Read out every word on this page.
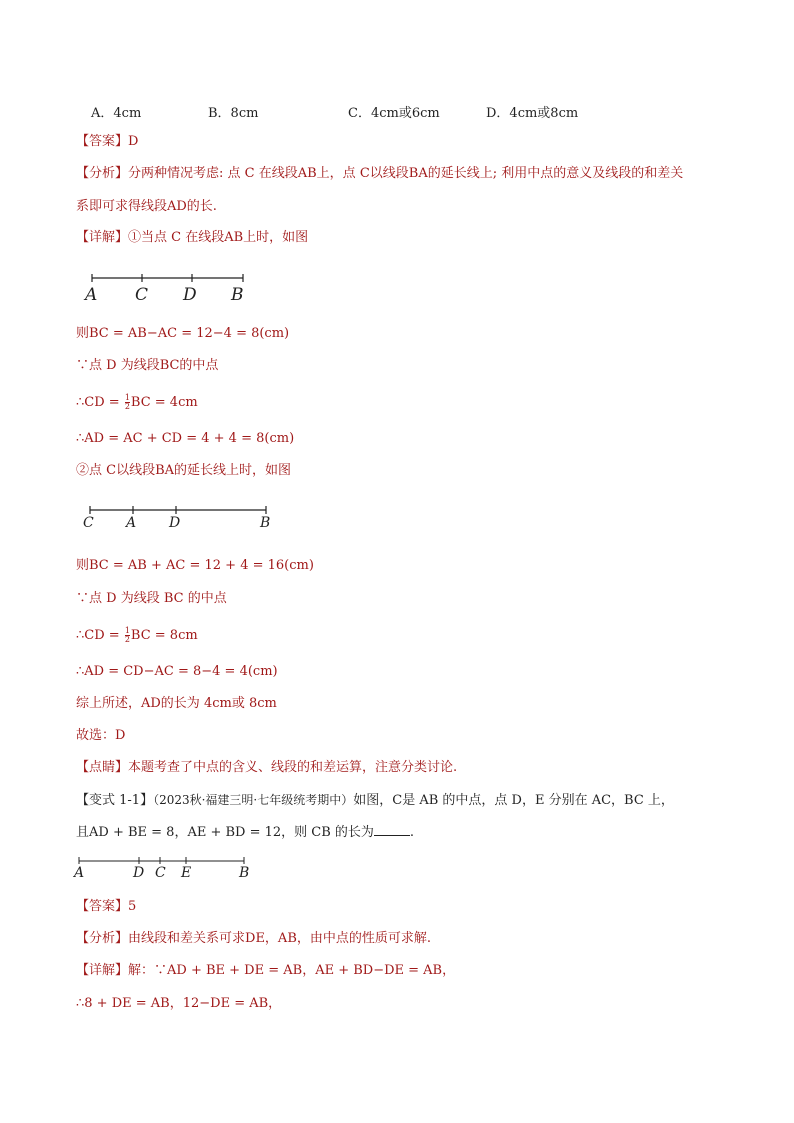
A．4cm	B．8cm	C．4cm或6cm	D．4cm或8cm
【答案】D
【分析】分两种情况考虑: 点 C 在线段AB上，点 C以线段BA的延长线上; 利用中点的意义及线段的和差关
系即可求得线段AD的长.
【详解】①当点 C 在线段AB上时，如图
A C D B
C A D	B
A	D C E	B
则BC = AB−AC = 12−4 = 8(cm)
∵点 D 为线段BC的中点
∴CD = $\frac{1}{2}$ BC = 4cm
∴AD = AC + CD = 4 + 4 = 8(cm)
②点 C以线段BA的延长线上时，如图
则BC = AB + AC = 12 + 4 = 16(cm)
∵点 D 为线段 BC 的中点
∴CD = $\frac{1}{2}$ BC = 8cm
∴AD = CD−AC = 8−4 = 4(cm)
综上所述，AD的长为 4cm或 8cm
故选：D
【点睛】本题考查了中点的含义、线段的和差运算，注意分类讨论.
【变式 1-1】（2023秋·福建三明·七年级统考期中）如图，C是 AB 的中点，点 D，E 分别在 AC，BC 上，
且AD + BE = 8，AE + BD = 12，则 CB 的长为	.
【答案】5
【分析】由线段和差关系可求DE，AB，由中点的性质可求解.
【详解】解：∵AD + BE + DE = AB，AE + BD−DE = AB，
∴8 + DE = AB，12−DE = AB，
